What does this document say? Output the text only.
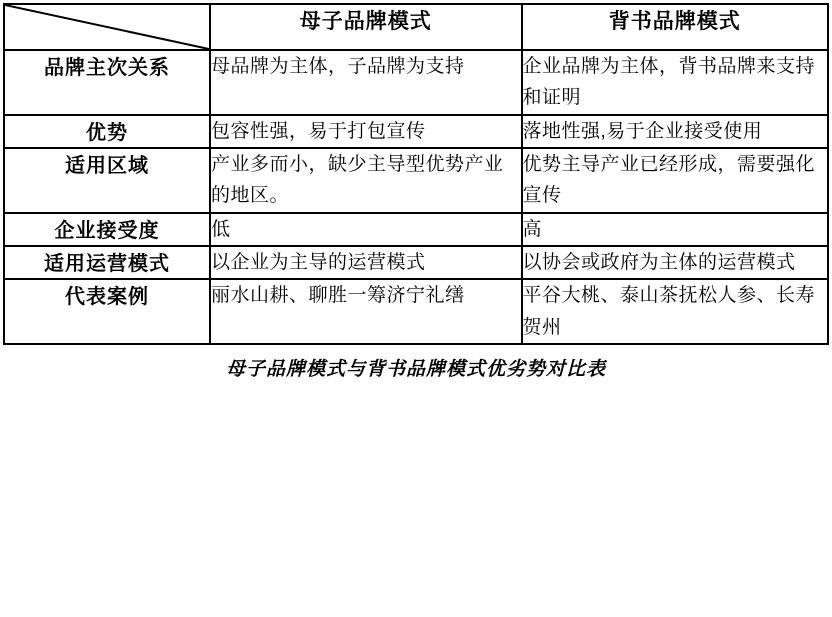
	母子品牌模式	背书品牌模式
品牌主次关系	母品牌为主体，子品牌为支持	企业品牌为主体，背书品牌来支持和证明
优势	包容性强，易于打包宣传	落地性强,易于企业接受使用
适用区域	产业多而小，缺少主导型优势产业的地区。	优势主导产业已经形成，需要强化宣传
企业接受度	低	高
适用运营模式	以企业为主导的运营模式	以协会或政府为主体的运营模式
代表案例	丽水山耕、聊胜一筹济宁礼缮	平谷大桃、泰山茶抚松人参、长寿贺州
母子品牌模式与背书品牌模式优劣势对比表
